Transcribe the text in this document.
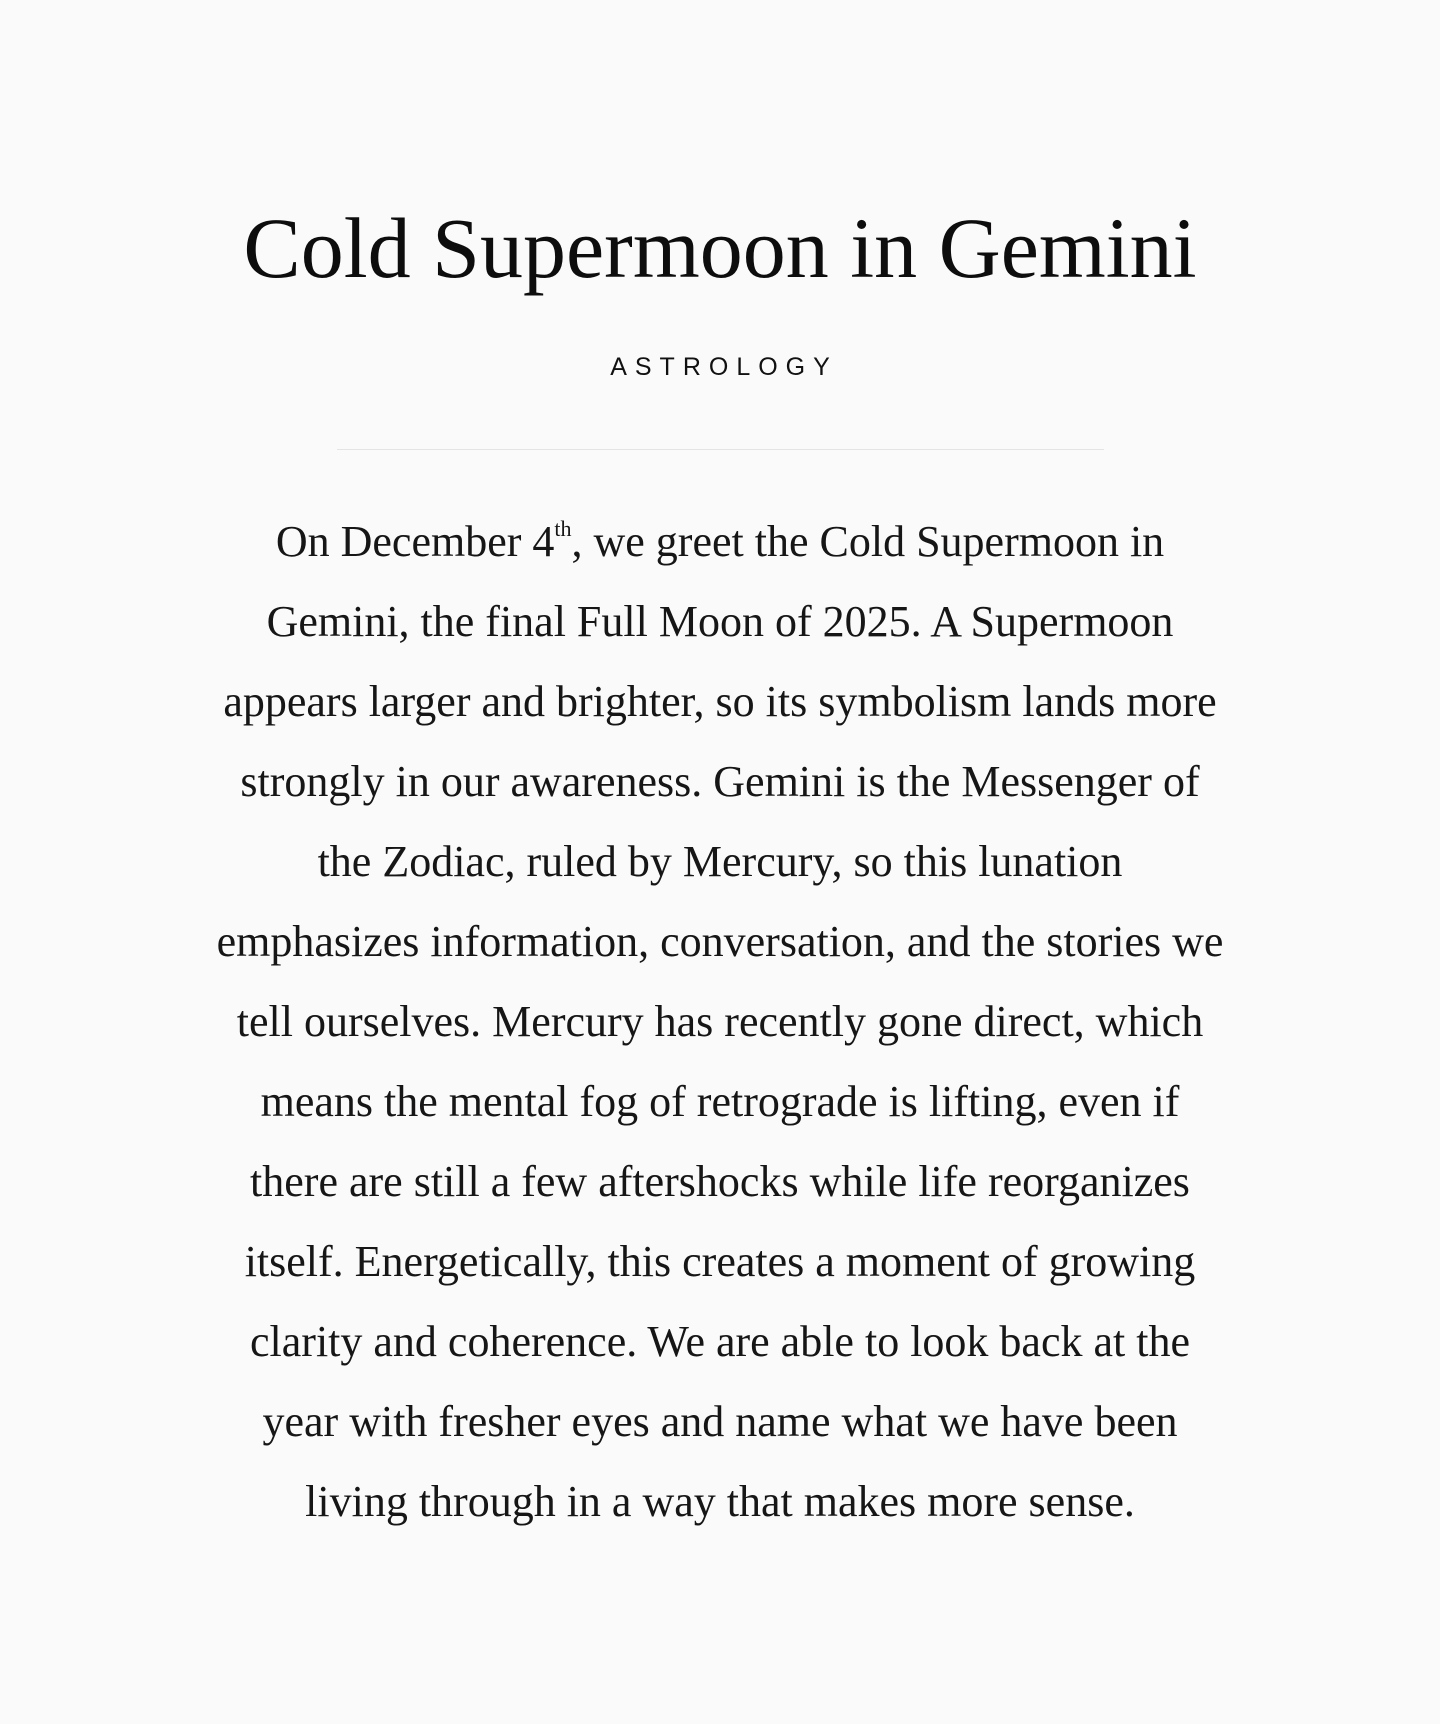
Cold Supermoon in Gemini
ASTROLOGY

On December 4th, we greet the Cold Supermoon in
Gemini, the final Full Moon of 2025. A Supermoon
appears larger and brighter, so its symbolism lands more
strongly in our awareness. Gemini is the Messenger of
the Zodiac, ruled by Mercury, so this lunation
emphasizes information, conversation, and the stories we
tell ourselves. Mercury has recently gone direct, which
means the mental fog of retrograde is lifting, even if
there are still a few aftershocks while life reorganizes
itself. Energetically, this creates a moment of growing
clarity and coherence. We are able to look back at the
year with fresher eyes and name what we have been
living through in a way that makes more sense.
